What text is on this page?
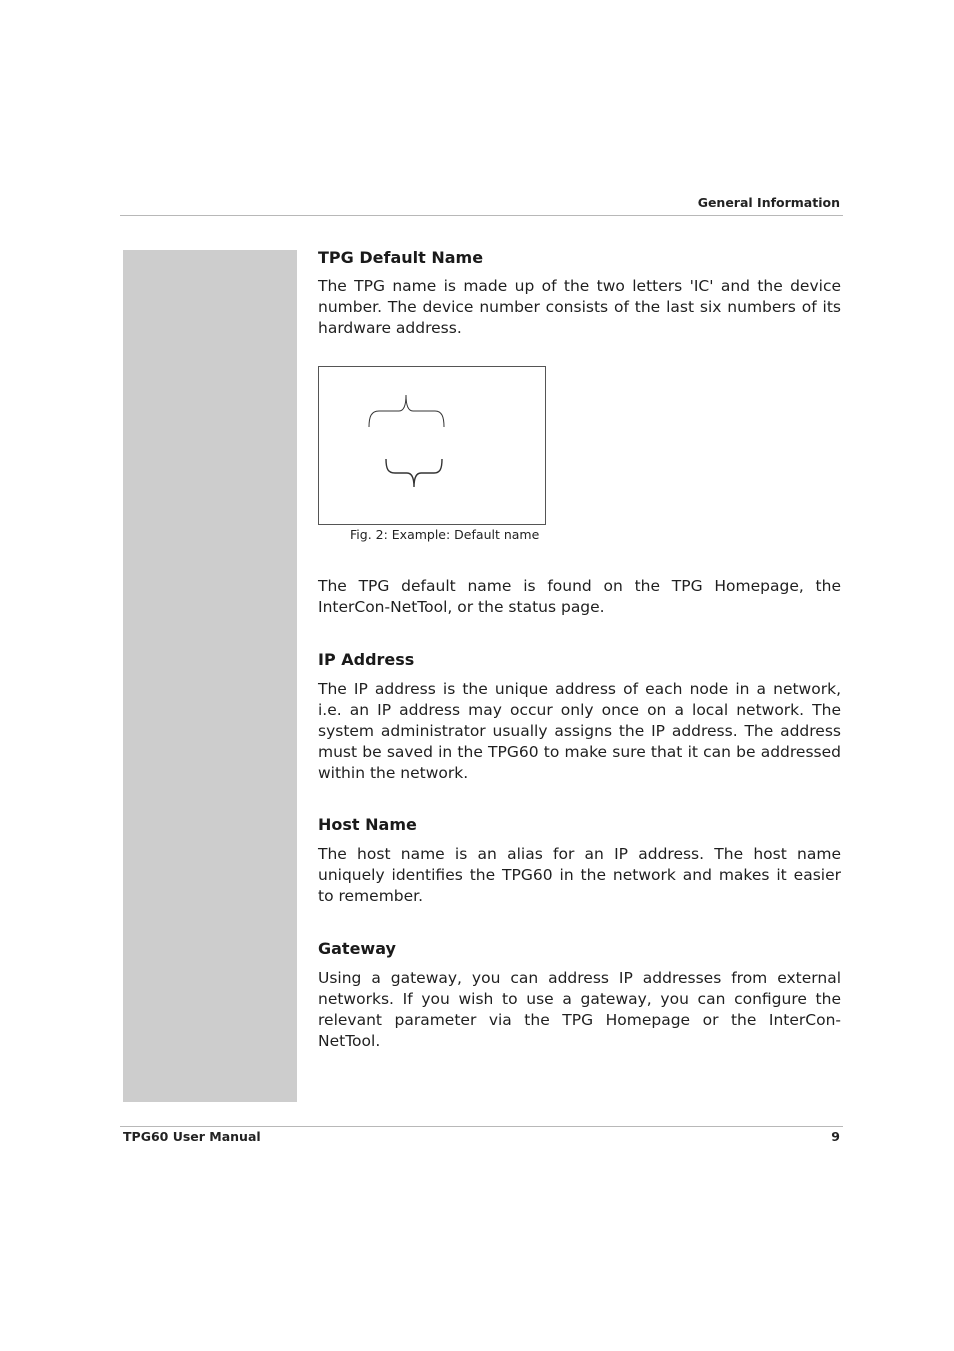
General Information
TPG Default Name

The TPG name is made up of the two letters 'IC' and the device number. The device number consists of the last six numbers of its hardware address.

Fig. 2: Example: Default name

The TPG default name is found on the TPG Homepage, the InterCon-NetTool, or the status page.

IP Address

The IP address is the unique address of each node in a network, i.e. an IP address may occur only once on a local network. The system administrator usually assigns the IP address. The address must be saved in the TPG60 to make sure that it can be addressed within the network.

Host Name

The host name is an alias for an IP address. The host name uniquely identifies the TPG60 in the network and makes it easier to remember.

Gateway

Using a gateway, you can address IP addresses from external networks. If you wish to use a gateway, you can configure the relevant parameter via the TPG Homepage or the InterCon-NetTool.

TPG60 User Manual	9
